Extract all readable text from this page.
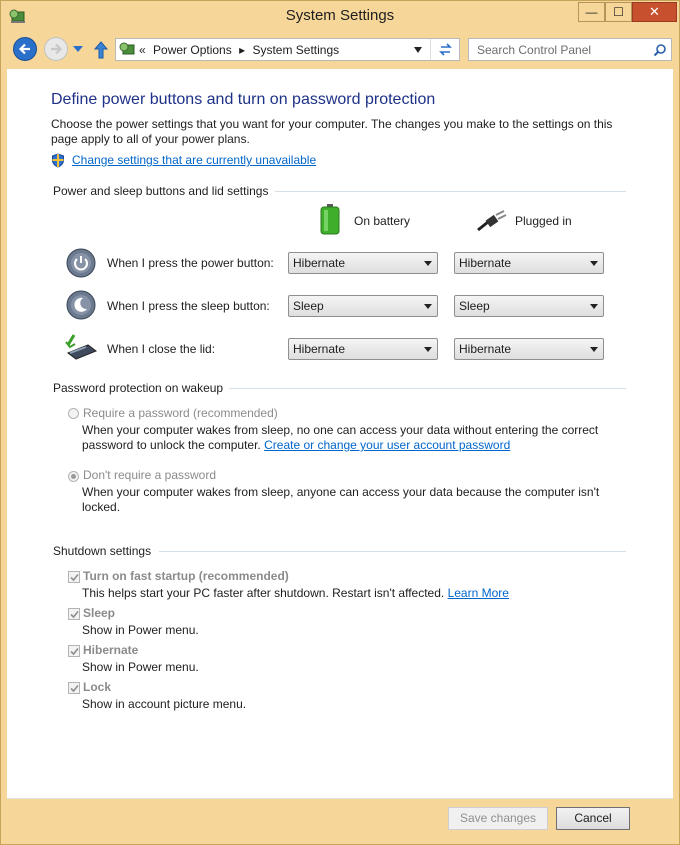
System Settings	—	☐	✕
« Power Options ▸ System Settings	Search Control Panel
Define power buttons and turn on password protection
Choose the power settings that you want for your computer. The changes you make to the settings on this page apply to all of your power plans.
Change settings that are currently unavailable
Power and sleep buttons and lid settings
On battery	Plugged in
When I press the power button: Hibernate	Hibernate
When I press the sleep button: Sleep	Sleep
When I close the lid:	Hibernate	Hibernate
Password protection on wakeup
Require a password (recommended)
When your computer wakes from sleep, no one can access your data without entering the correct
password to unlock the computer. Create or change your user account password
Don't require a password
When your computer wakes from sleep, anyone can access your data because the computer isn't
locked.
Shutdown settings
Turn on fast startup (recommended)
This helps start your PC faster after shutdown. Restart isn't affected. Learn More
Sleep
Show in Power menu.
Hibernate
Show in Power menu.
Lock
Show in account picture menu.
Save changes	Cancel
